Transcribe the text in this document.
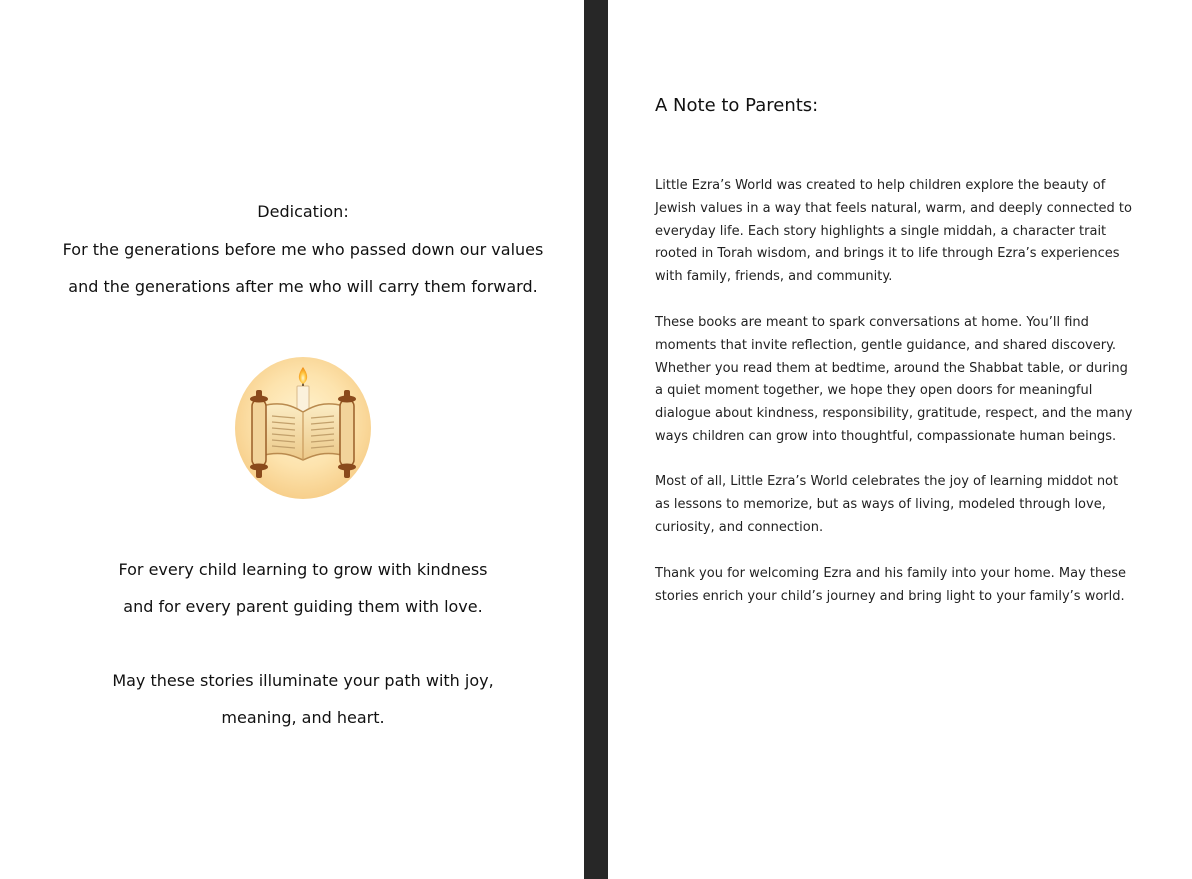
Dedication:
For the generations before me who passed down our values
and the generations after me who will carry them forward.
For every child learning to grow with kindness
and for every parent guiding them with love.
May these stories illuminate your path with joy,
meaning, and heart.
A Note to Parents:
Little Ezra’s World was created to help children explore the beauty of
Jewish values in a way that feels natural, warm, and deeply connected to
everyday life. Each story highlights a single middah, a character trait
rooted in Torah wisdom, and brings it to life through Ezra’s experiences
with family, friends, and community.
These books are meant to spark conversations at home. You’ll find
moments that invite reflection, gentle guidance, and shared discovery.
Whether you read them at bedtime, around the Shabbat table, or during
a quiet moment together, we hope they open doors for meaningful
dialogue about kindness, responsibility, gratitude, respect, and the many
ways children can grow into thoughtful, compassionate human beings.
Most of all, Little Ezra’s World celebrates the joy of learning middot not
as lessons to memorize, but as ways of living, modeled through love,
curiosity, and connection.
Thank you for welcoming Ezra and his family into your home. May these
stories enrich your child’s journey and bring light to your family’s world.
